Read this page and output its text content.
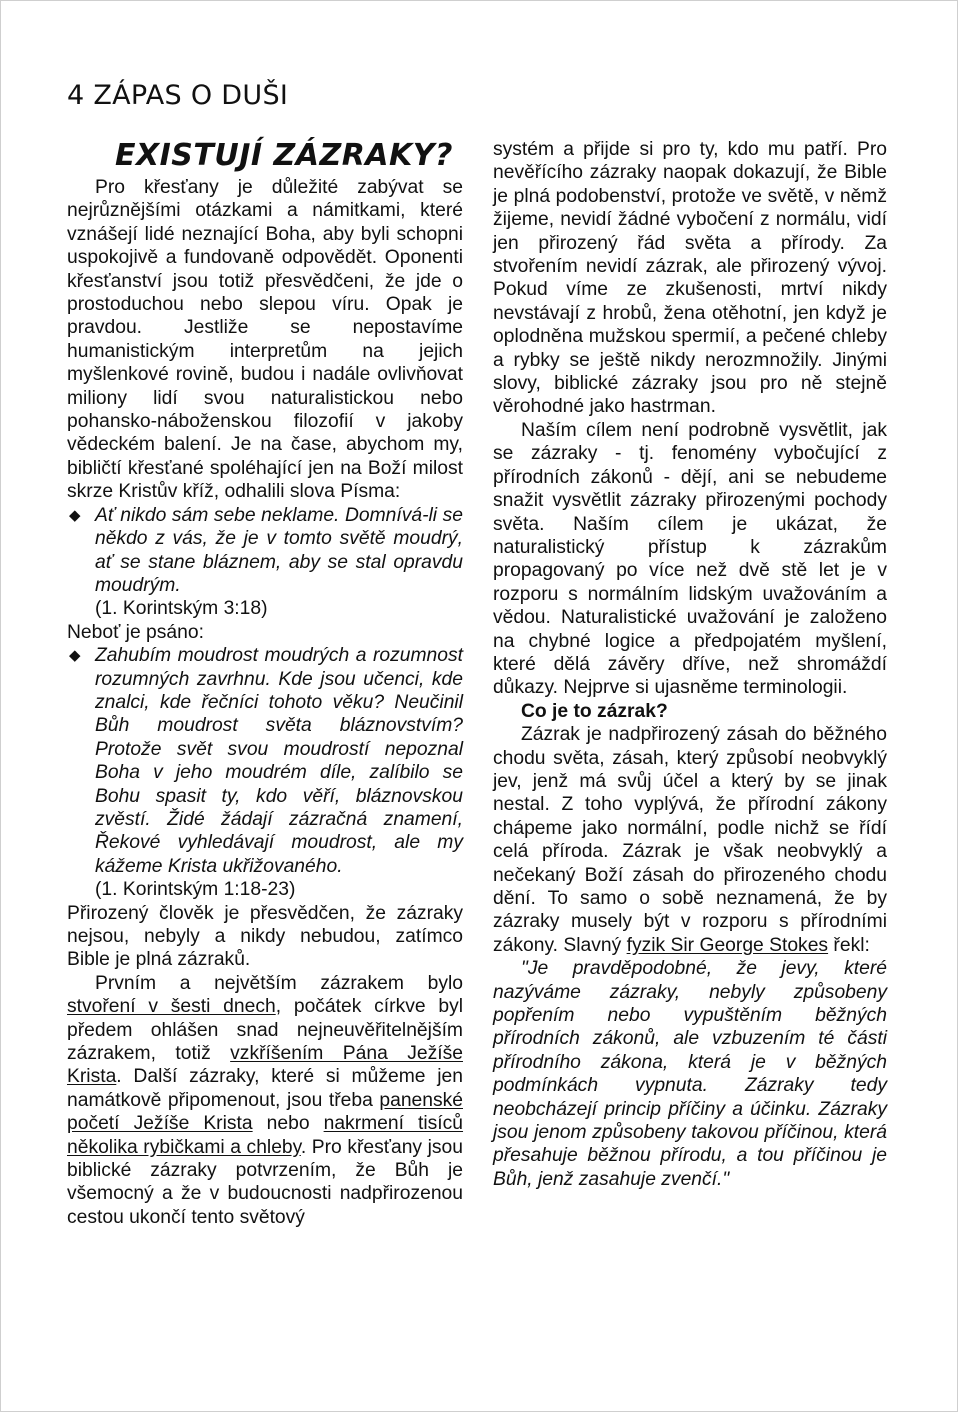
4 ZÁPAS O DUŠI
EXISTUJÍ ZÁZRAKY?

Pro křesťany je důležité zabývat se nejrůznějšími otázkami a námitkami, které vznášejí lidé neznající Boha, aby byli schopni uspokojivě a fundovaně odpovědět. Oponenti křesťanství jsou totiž přesvědčeni, že jde o prostoduchou nebo slepou víru. Opak je pravdou. Jestliže se nepostavíme humanistickým interpretům na jejich myšlenkové rovině, budou i nadále ovlivňovat miliony lidí svou naturalistickou nebo pohansko-náboženskou filozofií v jakoby vědeckém balení. Je na čase, abychom my, bibličtí křesťané spoléhající jen na Boží milost skrze Kristův kříž, odhalili slova Písma:

◆ Ať nikdo sám sebe neklame. Domnívá-li se někdo z vás, že je v tomto světě moudrý, ať se stane bláznem, aby se stal opravdu moudrým.

(1. Korintským 3:18)

Neboť je psáno:

◆ Zahubím moudrost moudrých a rozumnost rozumných zavrhnu. Kde jsou učenci, kde znalci, kde řečníci tohoto věku? Neučinil Bůh moudrost světa bláznovstvím? Protože svět svou moudrostí nepoznal Boha v jeho moudrém díle, zalíbilo se Bohu spasit ty, kdo věří, bláznovskou zvěstí. Židé žádají zázračná znamení, Řekové vyhledávají moudrost, ale my kážeme Krista ukřižovaného.

(1. Korintským 1:18-23)

Přirozený člověk je přesvědčen, že zázraky nejsou, nebyly a nikdy nebudou, zatímco Bible je plná zázraků.

Prvním a největším zázrakem bylo stvoření v šesti dnech, počátek církve byl předem ohlášen snad nejneuvěřitelnějším zázrakem, totiž vzkříšením Pána Ježíše Krista. Další zázraky, které si můžeme jen namátkově připomenout, jsou třeba panenské početí Ježíše Krista nebo nakrmení tisíců několika rybičkami a chleby. Pro křesťany jsou biblické zázraky potvrzením, že Bůh je všemocný a že v budoucnosti nadpřirozenou cestou ukončí tento světový

systém a přijde si pro ty, kdo mu patří. Pro nevěřícího zázraky naopak dokazují, že Bible je plná podobenství, protože ve světě, v němž žijeme, nevidí žádné vybočení z normálu, vidí jen přirozený řád světa a přírody. Za stvořením nevidí zázrak, ale přirozený vývoj. Pokud víme ze zkušenosti, mrtví nikdy nevstávají z hrobů, žena otěhotní, jen když je oplodněna mužskou spermií, a pečené chleby a rybky se ještě nikdy nerozmnožily. Jinými slovy, biblické zázraky jsou pro ně stejně věrohodné jako hastrman.

Naším cílem není podrobně vysvětlit, jak se zázraky - tj. fenomény vybočující z přírodních zákonů - dějí, ani se nebudeme snažit vysvětlit zázraky přirozenými pochody světa. Naším cílem je ukázat, že naturalistický přístup k zázrakům propagovaný po více než dvě stě let je v rozporu s normálním lidským uvažováním a vědou. Naturalistické uvažování je založeno na chybné logice a předpojatém myšlení, které dělá závěry dříve, než shromáždí důkazy. Nejprve si ujasněme terminologii.

Co je to zázrak?

Zázrak je nadpřirozený zásah do běžného chodu světa, zásah, který způsobí neobvyklý jev, jenž má svůj účel a který by se jinak nestal. Z toho vyplývá, že přírodní zákony chápeme jako normální, podle nichž se řídí celá příroda. Zázrak je však neobvyklý a nečekaný Boží zásah do přirozeného chodu dění. To samo o sobě neznamená, že by zázraky musely být v rozporu s přírodními zákony. Slavný fyzik Sir George Stokes řekl:

"Je pravděpodobné, že jevy, které nazýváme zázraky, nebyly způsobeny popřením nebo vypuštěním běžných přírodních zákonů, ale vzbuzením té části přírodního zákona, která je v běžných podmínkách vypnuta. Zázraky tedy neobcházejí princip příčiny a účinku. Zázraky jsou jenom způsobeny takovou příčinou, která přesahuje běžnou přírodu, a tou příčinou je Bůh, jenž zasahuje zvenčí."
